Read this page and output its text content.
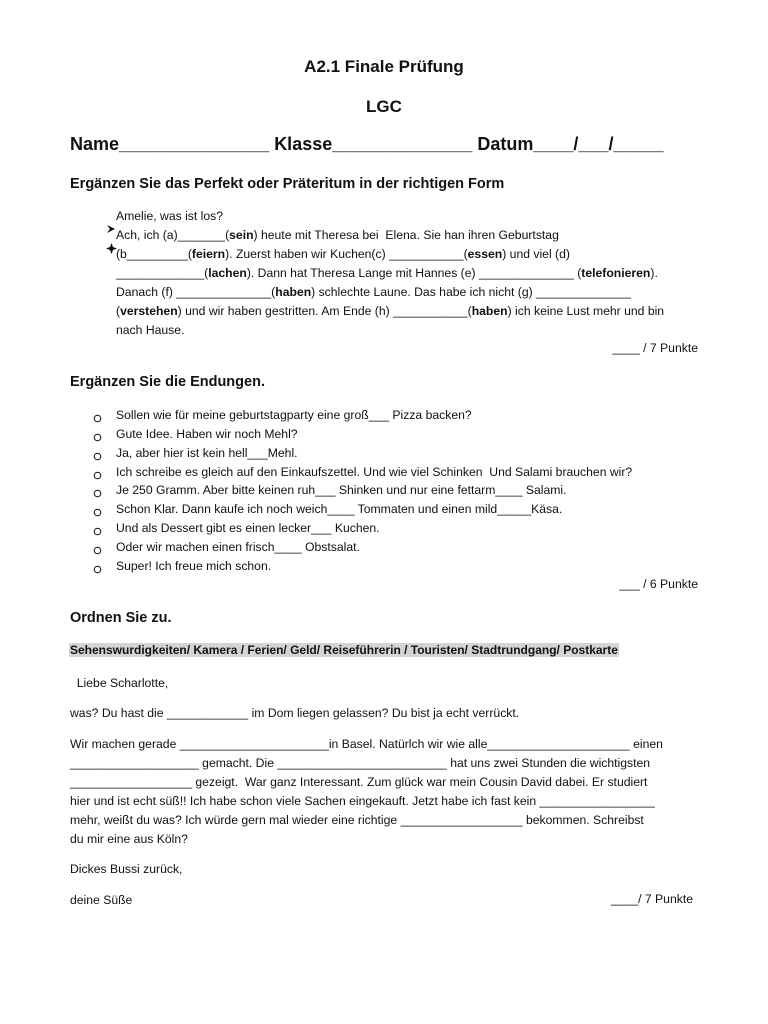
A2.1 Finale Prüfung
LGC
Name_______________ Klasse______________ Datum____/___/_____
Ergänzen Sie das Perfekt oder Präteritum in der richtigen Form

Amelie, was ist los?

Ach, ich (a)_______(sein) heute mit Theresa bei  Elena. Sie han ihren Geburtstag
(b_________(feiern). Zuerst haben wir Kuchen(c) ___________(essen) und viel (d)
_____________(lachen). Dann hat Theresa Lange mit Hannes (e) ______________ (telefonieren).
Danach (f) ______________(haben) schlechte Laune. Das habe ich nicht (g) ______________
(verstehen) und wir haben gestritten. Am Ende (h) ___________(haben) ich keine Lust mehr und bin
nach Hause.
____ / 7 Punkte
Ergänzen Sie die Endungen.
Sollen wie für meine geburtstagparty eine groß___ Pizza backen?
Gute Idee. Haben wir noch Mehl?
Ja, aber hier ist kein hell___Mehl.
Ich schreibe es gleich auf den Einkaufszettel. Und wie viel Schinken  Und Salami brauchen wir?
Je 250 Gramm. Aber bitte keinen ruh___ Shinken und nur eine fettarm____ Salami.
Schon Klar. Dann kaufe ich noch weich____ Tommaten und einen mild_____Käsa.
Und als Dessert gibt es einen lecker___ Kuchen.
Oder wir machen einen frisch____ Obstsalat.
Super! Ich freue mich schon.
___ / 6 Punkte
Ordnen Sie zu.
Sehenswurdigkeiten/ Kamera / Ferien/ Geld/ Reiseführerin / Touristen/ Stadtrundgang/ Postkarte
Liebe Scharlotte,
was? Du hast die ____________ im Dom liegen gelassen? Du bist ja echt verrückt.
Wir machen gerade ______________________in Basel. Natürlch wir wie alle_____________________ einen
___________________ gemacht. Die _________________________ hat uns zwei Stunden die wichtigsten
__________________ gezeigt.  War ganz Interessant. Zum glück war mein Cousin David dabei. Er studiert
hier und ist echt süß!! Ich habe schon viele Sachen eingekauft. Jetzt habe ich fast kein _________________
mehr, weißt du was? Ich würde gern mal wieder eine richtige __________________ bekommen. Schreibst
du mir eine aus Köln?
Dickes Bussi zurück,
deine Süße	____/ 7 Punkte
